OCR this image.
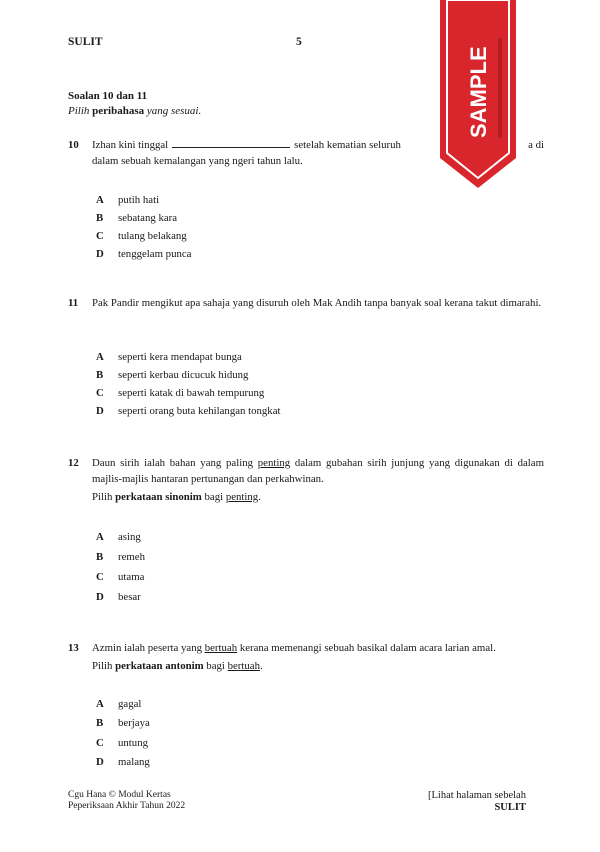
SULIT	5
Soalan 10 dan 11
Pilih peribahasa yang sesuai.
10 Izhan kini tinggal	setelah kematian seluruh	a di
dalam sebuah kemalangan yang ngeri tahun lalu.
A	putih hati
B	sebatang kara
C	tulang belakang
D	tenggelam punca
11 Pak Pandir mengikut apa sahaja yang disuruh oleh Mak Andih tanpa banyak soal kerana takut dimarahi.
A	seperti kera mendapat bunga
B	seperti kerbau dicucuk hidung
C	seperti katak di bawah tempurung
D	seperti orang buta kehilangan tongkat
12 Daun sirih ialah bahan yang paling penting dalam gubahan sirih junjung yang digunakan di dalam majlis-majlis hantaran pertunangan dan perkahwinan.
Pilih perkataan sinonim bagi penting.
A	asing
B	remeh
C	utama
D	besar
13 Azmin ialah peserta yang bertuah kerana memenangi sebuah basikal dalam acara larian amal.
Pilih perkataan antonim bagi bertuah.
A	gagal
B	berjaya
C	untung
D	malang
Cgu Hana © Modul Kertas
Peperiksaan Akhir Tahun 2022
[Lihat halaman sebelah
SULIT
SAMPLE
